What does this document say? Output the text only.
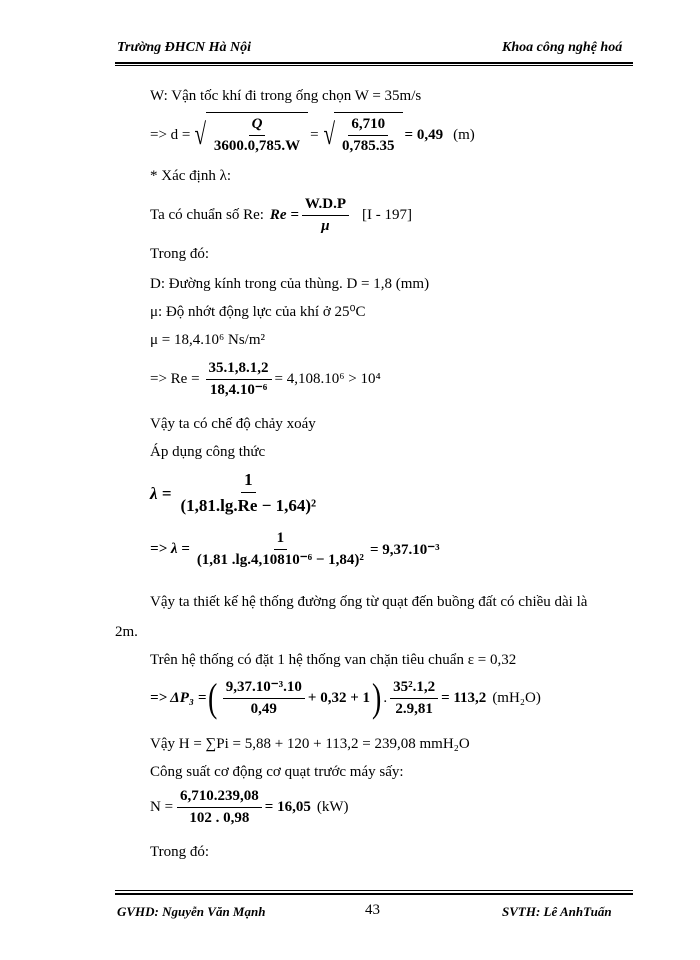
Trường ĐHCN Hà Nội	Khoa công nghệ hoá
W: Vận tốc khí đi trong ống chọn W = 35m/s
=> d = √ $\frac{Q}{3600.0,785.W}$ = √ $\frac{6,710}{0,785.35} = 0,49$ (m)
* Xác định λ:
Ta có chuẩn số Re: $Re = \frac{W.D.P}{\mu} [I - 197]$
Trong đó:
D: Đường kính trong của thùng. D = 1,8 (mm)
μ: Độ nhớt động lực của khí ở 25⁰C
μ = 18,4.10⁶ Ns/m²
=> $Re = \frac{35.1,8.1,2}{\text{18,4.10⁻⁶}} = 4,108.10^6 > 10^4$
Vậy ta có chế độ chảy xoáy
Áp dụng công thức
$\lambda = \frac{1}{\text{(1,81.lg.Re − 1,64)²}}$
=> $\lambda = \frac{1}{\text{(1,81 .lg.4,10810⁻⁶ − 1,84)²}} = 9,37.10^{-3}$
Vậy ta thiết kế hệ thống đường ống từ quạt đến buồng đất có chiều dài là
2m.
Trên hệ thống có đặt 1 hệ thống van chặn tiêu chuẩn ε = 0,32
=> ΔP₃ = ( $\frac{\text{9,37.10⁻³.10}}{0,49} + 0,32 + 1$ ) . $\frac{\text{35².1,2}}{2.9,81} = 113,2$ (mH₂O)
Vậy H = ∑Pi = 5,88 + 120 + 113,2 = 239,08 mmH₂O
Công suất cơ động cơ quạt trước máy sấy:
$N = \frac{6,710.239,08}{102 . 0,98} = 16,05$ (kW)
Trong đó:
GVHD: Nguyễn Văn Mạnh	43	SVTH: Lê AnhTuấn
